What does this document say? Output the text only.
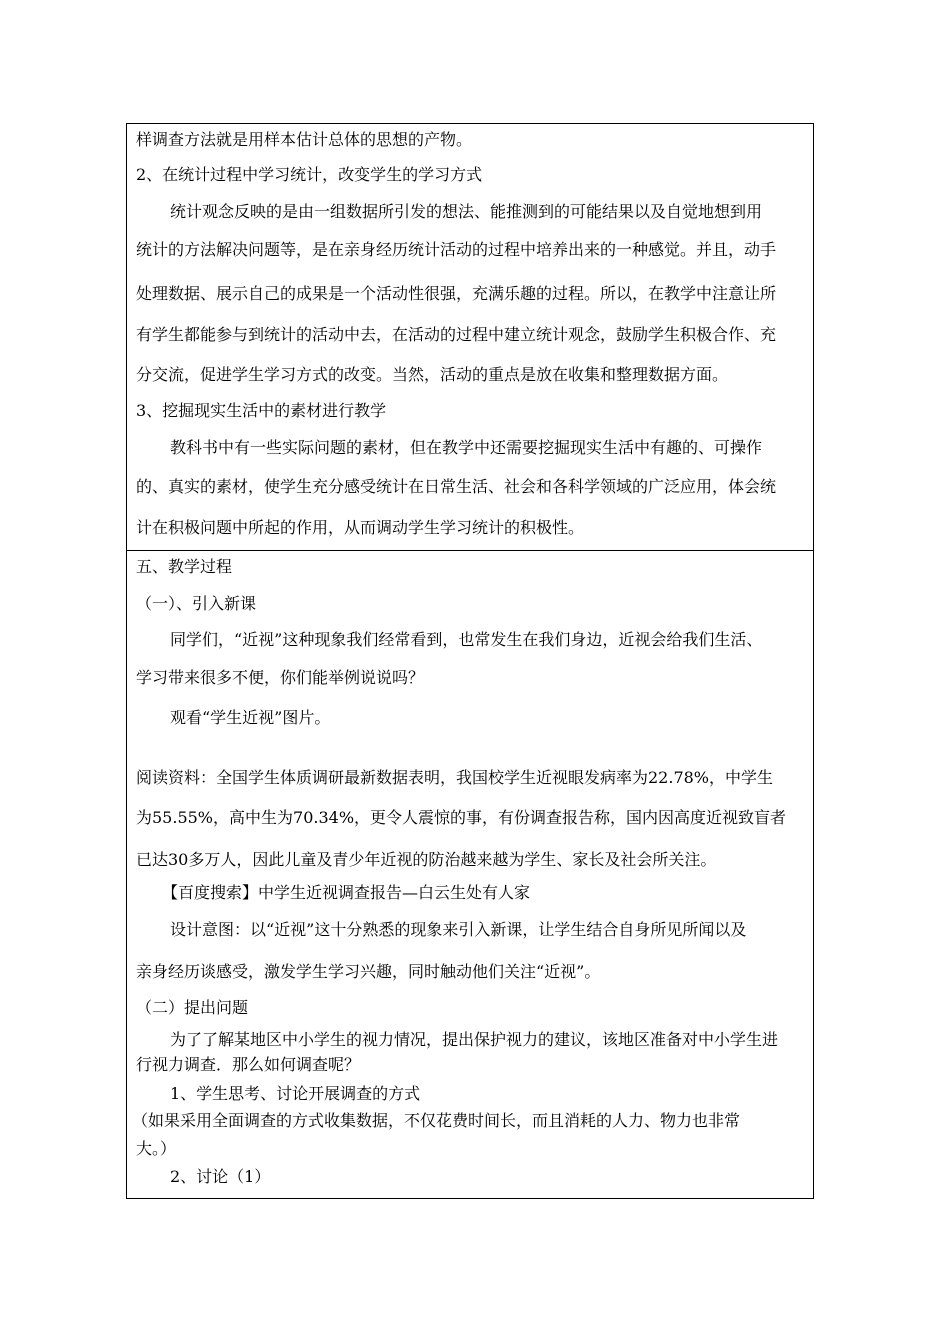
样调查方法就是用样本估计总体的思想的产物。
2、在统计过程中学习统计，改变学生的学习方式
统计观念反映的是由一组数据所引发的想法、能推测到的可能结果以及自觉地想到用
统计的方法解决问题等，是在亲身经历统计活动的过程中培养出来的一种感觉。并且，动手
处理数据、展示自己的成果是一个活动性很强，充满乐趣的过程。所以，在教学中注意让所
有学生都能参与到统计的活动中去，在活动的过程中建立统计观念，鼓励学生积极合作、充
分交流，促进学生学习方式的改变。当然，活动的重点是放在收集和整理数据方面。
3、挖掘现实生活中的素材进行教学
教科书中有一些实际问题的素材，但在教学中还需要挖掘现实生活中有趣的、可操作
的、真实的素材，使学生充分感受统计在日常生活、社会和各科学领域的广泛应用，体会统
计在积极问题中所起的作用，从而调动学生学习统计的积极性。
五、教学过程
（一）、引入新课
同学们，“近视”这种现象我们经常看到，也常发生在我们身边，近视会给我们生活、
学习带来很多不便，你们能举例说说吗？
观看“学生近视”图片。
阅读资料：全国学生体质调研最新数据表明，我国校学生近视眼发病率为22.78%，中学生
为55.55%，高中生为70.34%，更令人震惊的事，有份调查报告称，国内因高度近视致盲者
已达30多万人，因此儿童及青少年近视的防治越来越为学生、家长及社会所关注。
【百度搜索】中学生近视调查报告—白云生处有人家
设计意图：以“近视”这十分熟悉的现象来引入新课，让学生结合自身所见所闻以及
亲身经历谈感受，激发学生学习兴趣，同时触动他们关注“近视”。
（二）提出问题
为了了解某地区中小学生的视力情况，提出保护视力的建议，该地区准备对中小学生进
行视力调查．那么如何调查呢？
1、学生思考、讨论开展调查的方式
（如果采用全面调查的方式收集数据，不仅花费时间长，而且消耗的人力、物力也非常
大。）
2、讨论（1）
